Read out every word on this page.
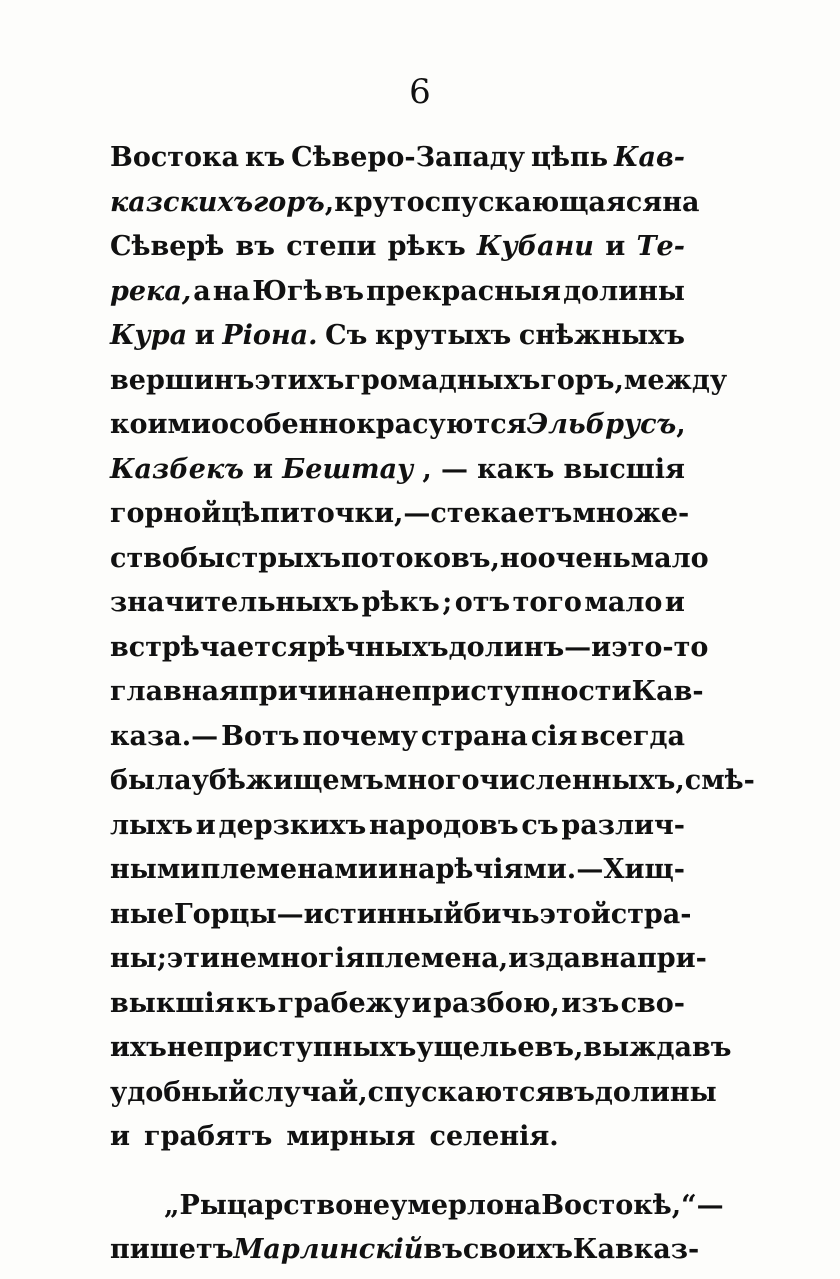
6
Востока къ Сѣверо-Западу цѣпь Кав-
казскихъ горъ , круто спускающаяся на
Сѣверѣ въ степи рѣкъ Кубани и Те-
река, а на Югѣ въ прекрасныя долины
Кура и Ріона. Съ крутыхъ снѣжныхъ
вершинъ этихъ громадныхъ горъ, между
коими особенно красуются Эльбрусъ ,
Казбекъ и Бештау , — какъ высшія
горной цѣпи точки, — стекаетъ множе-
ство быстрыхъ потоковъ, но очень мало
значительныхъ рѣкъ ; отъ того мало и
встрѣчается рѣчныхъ долинъ—и это-то
главная причина неприступности Кав-
каза.— Вотъ почему страна сія всегда
была убѣжищемъ многочисленныхъ, смѣ-
лыхъ и дерзкихъ народовъ съ различ-
ными племенами и нарѣчіями. — Хищ-
ные Горцы — истинный бичь этой стра-
ны; эти немногія племена, издавна при-
выкшія къ грабежу и разбою, изъ сво-
ихъ неприступныхъ ущельевъ, выждавъ
удобный случай, спускаются въ долины
и грабятъ мирныя селенія.
„Рыцарство не умерло на Востокѣ,“—
пишетъ Марлинскій въ своихъ Кавказ-
